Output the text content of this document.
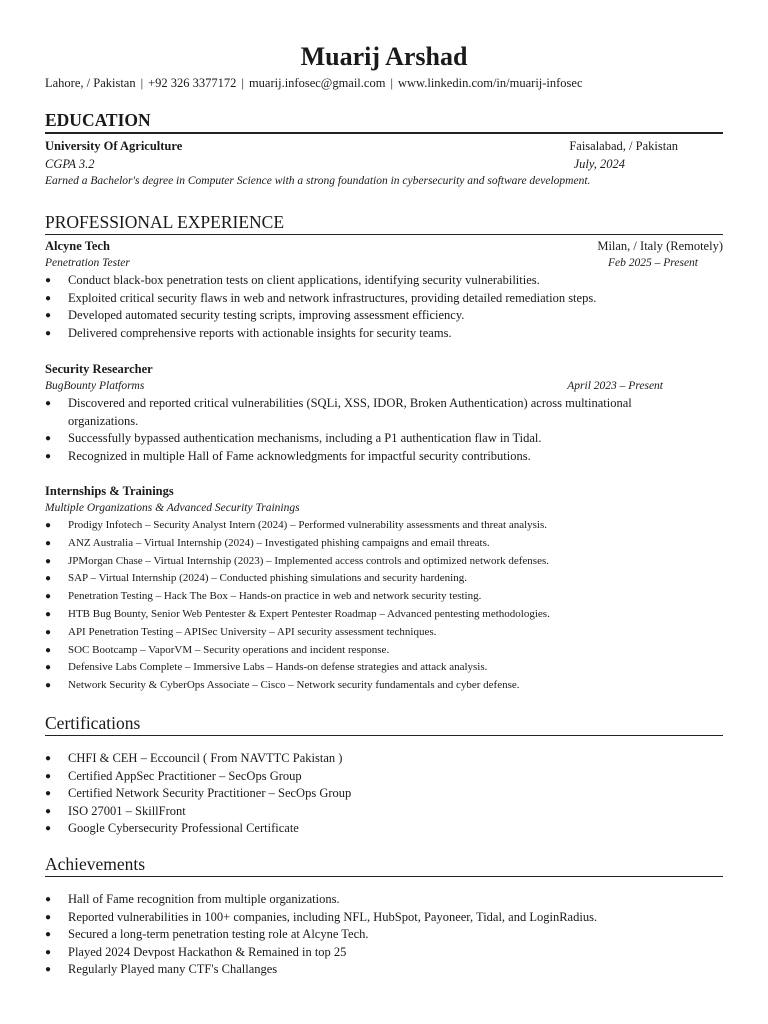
Muarij Arshad
Lahore, / Pakistan | +92 326 3377172 | muarij.infosec@gmail.com | www.linkedin.com/in/muarij-infosec
EDUCATION
University Of Agriculture	Faisalabad, / Pakistan
CGPA 3.2	July, 2024
Earned a Bachelor's degree in Computer Science with a strong foundation in cybersecurity and software development.
PROFESSIONAL EXPERIENCE
Alcyne Tech	Milan, / Italy (Remotely)
Penetration Tester	Feb 2025 – Present
● Conduct black-box penetration tests on client applications, identifying security vulnerabilities.
● Exploited critical security flaws in web and network infrastructures, providing detailed remediation steps.
● Developed automated security testing scripts, improving assessment efficiency.
● Delivered comprehensive reports with actionable insights for security teams.
Security Researcher
BugBounty Platforms	April 2023 – Present
● Discovered and reported critical vulnerabilities (SQLi, XSS, IDOR, Broken Authentication) across multinational organizations.
● Successfully bypassed authentication mechanisms, including a P1 authentication flaw in Tidal.
● Recognized in multiple Hall of Fame acknowledgments for impactful security contributions.
Internships & Trainings
Multiple Organizations & Advanced Security Trainings
● Prodigy Infotech – Security Analyst Intern (2024) – Performed vulnerability assessments and threat analysis.
● ANZ Australia – Virtual Internship (2024) – Investigated phishing campaigns and email threats.
● JPMorgan Chase – Virtual Internship (2023) – Implemented access controls and optimized network defenses.
● SAP – Virtual Internship (2024) – Conducted phishing simulations and security hardening.
● Penetration Testing – Hack The Box – Hands-on practice in web and network security testing.
● HTB Bug Bounty, Senior Web Pentester & Expert Pentester Roadmap – Advanced pentesting methodologies.
● API Penetration Testing – APISec University – API security assessment techniques.
● SOC Bootcamp – VaporVM – Security operations and incident response.
● Defensive Labs Complete – Immersive Labs – Hands-on defense strategies and attack analysis.
● Network Security & CyberOps Associate – Cisco – Network security fundamentals and cyber defense.
Certifications
● CHFI & CEH – Eccouncil ( From NAVTTC Pakistan )
● Certified AppSec Practitioner – SecOps Group
● Certified Network Security Practitioner – SecOps Group
● ISO 27001 – SkillFront
● Google Cybersecurity Professional Certificate
Achievements
● Hall of Fame recognition from multiple organizations.
● Reported vulnerabilities in 100+ companies, including NFL, HubSpot, Payoneer, Tidal, and LoginRadius.
● Secured a long-term penetration testing role at Alcyne Tech.
● Played 2024 Devpost Hackathon & Remained in top 25
● Regularly Played many CTF's Challanges
